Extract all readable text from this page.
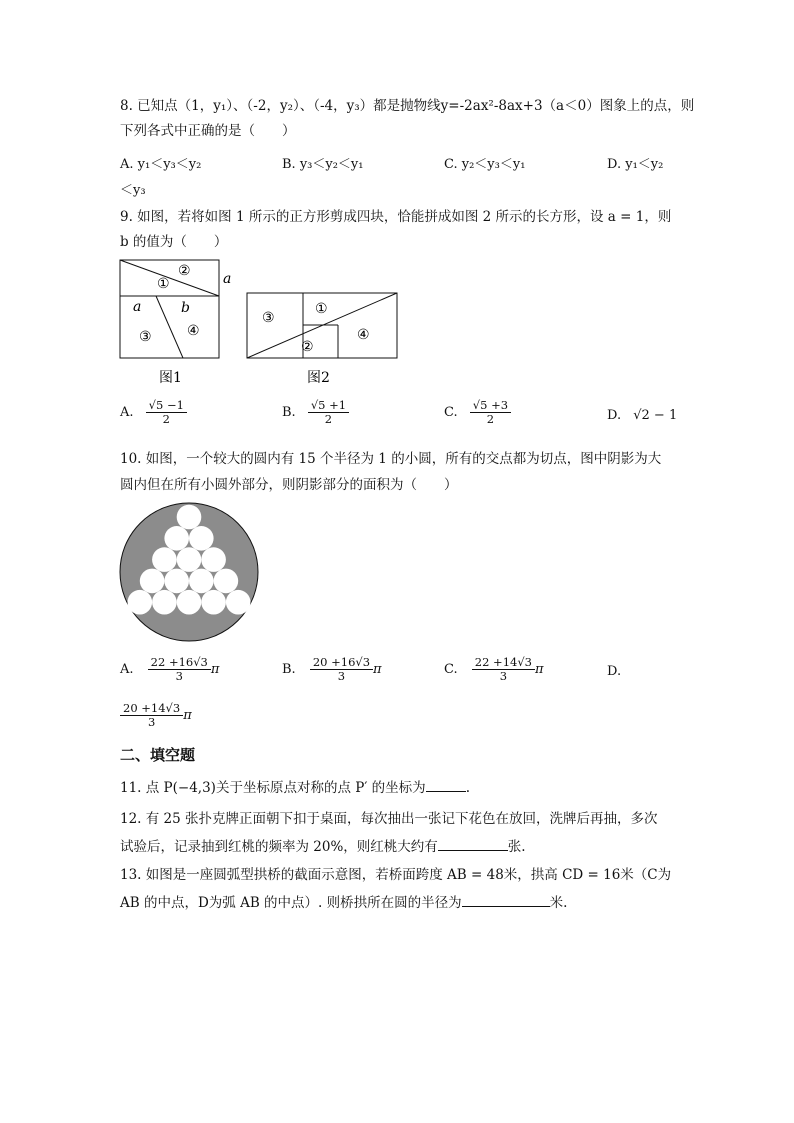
8. 已知点（1，y₁）、（-2，y₂）、（-4，y₃）都是抛物线y=-2ax²-8ax+3（a＜0）图象上的点，则
下列各式中正确的是（　　）
A. y₁＜y₃＜y₂	B. y₃＜y₂＜y₁	C. y₂＜y₃＜y₁	D. y₁＜y₂
＜y₃
9. 如图，若将如图 1 所示的正方形剪成四块，恰能拼成如图 2 所示的长方形，设 a = 1，则
b 的值为（　　）
①
②
③	④
a
a	b
图1
③
①
②
④
图2
A. $\frac{√5 -1}{2}$	B. $\frac{√5 +1}{2}$	C. $\frac{√5 +3}{2}$	D. √2 − 1
10. 如图，一个较大的圆内有 15 个半径为 1 的小圆，所有的交点都为切点，图中阴影为大
圆内但在所有小圆外部分，则阴影部分的面积为（　　）
A. $\frac{22 +16√3}{3}$ π	B. $\frac{20 +16√3}{3}$ π	C. $\frac{22 +14√3}{3}$ π	D.
$\frac{20 +14√3}{3}$ π
二、填空题
11. 点 P(−4,3)关于坐标原点对称的点 P′ 的坐标为	.
12. 有 25 张扑克牌正面朝下扣于桌面，每次抽出一张记下花色在放回，洗牌后再抽，多次
试验后，记录抽到红桃的频率为 20%，则红桃大约有	张.
13. 如图是一座圆弧型拱桥的截面示意图，若桥面跨度 AB = 48米，拱高 CD = 16米（C为
AB 的中点，D为弧 AB 的中点）. 则桥拱所在圆的半径为	米.
